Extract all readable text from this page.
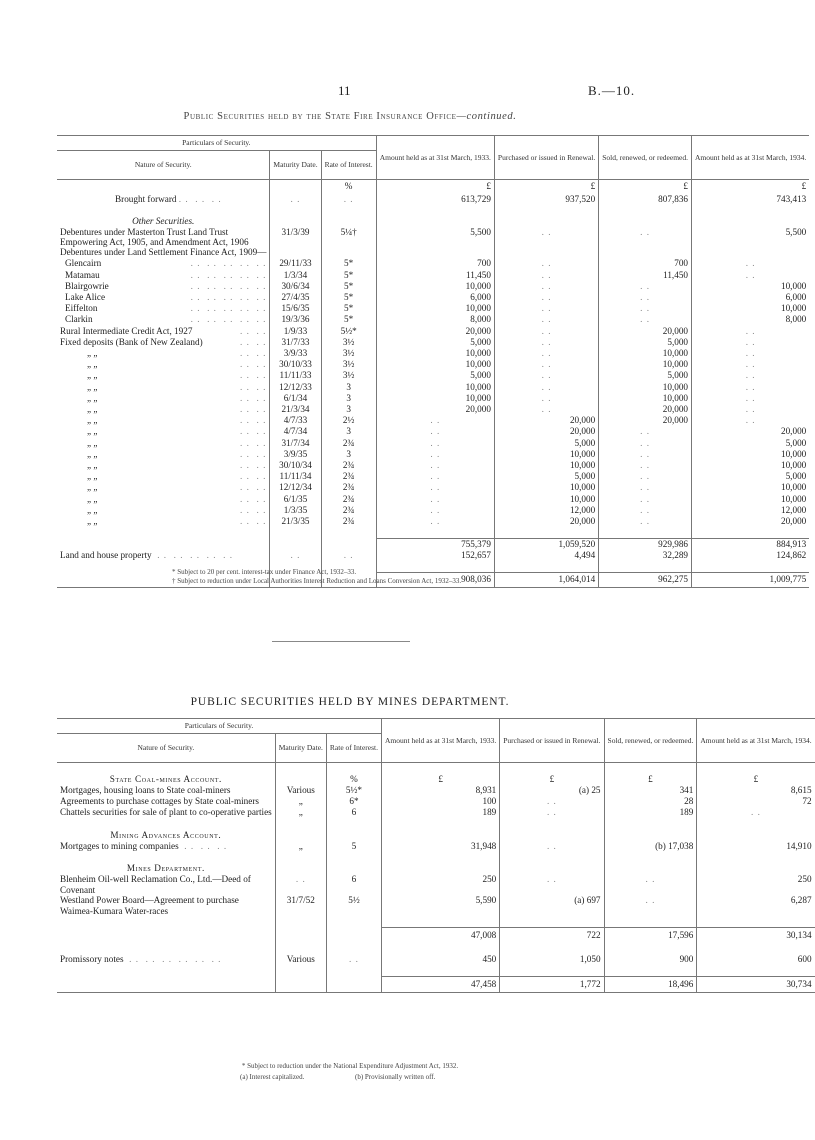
11	B.—10.
Public Securities held by the State Fire Insurance Office—continued.
Particulars of Security.			Amount held as at 31st March, 1933.	Purchased or issued in Renewal.	Sold, renewed, or redeemed.	Amount held as at 31st March, 1934.
Nature of Security.	Maturity Date.	Rate of Interest.				
		%	£	£	£	£
Brought forward . .  . .  . .	. .	. .	613,729	937,520	807,836	743,413

Other Securities.						
Debentures under Masterton Trust Land Trust Empowering Act, 1905, and Amendment Act, 1906	31/3/39	5¼†	5,500	. .	. .	5,500
Debentures under Land Settlement Finance Act, 1909—						
Glencairn . .  . .  . .  . .  . .	29/11/33	5*	700	. .	700	. .
Matamau . .  . .  . .  . .  . .	1/3/34	5*	11,450	. .	11,450	. .
Blairgowrie . .  . .  . .  . .  . .	30/6/34	5*	10,000	. .	. .	10,000
Lake Alice . .  . .  . .  . .  . .	27/4/35	5*	6,000	. .	. .	6,000
Eiffelton . .  . .  . .  . .  . .	15/6/35	5*	10,000	. .	. .	10,000
Clarkin . .  . .  . .  . .  . .	19/3/36	5*	8,000	. .	. .	8,000
Rural Intermediate Credit Act, 1927 . .  . .	1/9/33	5½*	20,000	. .	20,000	. .
Fixed deposits (Bank of New Zealand) . .  . .	31/7/33	3½	5,000	. .	5,000	. .
„ „ . .  . .	3/9/33	3½	10,000	. .	10,000	. .
„ „ . .  . .	30/10/33	3½	10,000	. .	10,000	. .
„ „ . .  . .	11/11/33	3½	5,000	. .	5,000	. .
„ „ . .  . .	12/12/33	3	10,000	. .	10,000	. .
„ „ . .  . .	6/1/34	3	10,000	. .	10,000	. .
„ „ . .  . .	21/3/34	3	20,000	. .	20,000	. .
„ „ . .  . .	4/7/33	2½	. .	20,000	20,000	. .
„ „ . .  . .	4/7/34	3	. .	20,000	. .	20,000
„ „ . .  . .	31/7/34	2¾	. .	5,000	. .	5,000
„ „ . .  . .	3/9/35	3	. .	10,000	. .	10,000
„ „ . .  . .	30/10/34	2¾	. .	10,000	. .	10,000
„ „ . .  . .	11/11/34	2¾	. .	5,000	. .	5,000
„ „ . .  . .	12/12/34	2¾	. .	10,000	. .	10,000
„ „ . .  . .	6/1/35	2¾	. .	10,000	. .	10,000
„ „ . .  . .	1/3/35	2¾	. .	12,000	. .	12,000
„ „ . .  . .	21/3/35	2¾	. .	20,000	. .	20,000

			755,379	1,059,520	929,986	884,913
Land and house property  . .  . .  . .  . .  . .	. .	. .	152,657	4,494	32,289	124,862

			908,036	1,064,014	962,275	1,009,775
* Subject to 20 per cent. interest-tax under Finance Act, 1932–33.
† Subject to reduction under Local Authorities Interest Reduction and Loans Conversion Act, 1932–33.
PUBLIC SECURITIES HELD BY MINES DEPARTMENT.
Particulars of Security.			Amount held as at 31st March, 1933.	Purchased or issued in Renewal.	Sold, renewed, or redeemed.	Amount held as at 31st March, 1934.
Nature of Security.	Maturity Date.	Rate of Interest.				

State Coal-mines Account.		%	£	£	£	£
Mortgages, housing loans to State coal-miners	Various	5½*	8,931	(a) 25	341	8,615
Agreements to purchase cottages by State coal-miners	„	6*	100	. .	28	72
Chattels securities for sale of plant to co-operative parties	„	6	189	. .	189	. .

Mining Advances Account.						
Mortgages to mining companies  . .  . .  . .	„	5	31,948	. .	(b) 17,038	14,910

Mines Department.						
Blenheim Oil-well Reclamation Co., Ltd.—Deed of Covenant	. .	6	250	. .	. .	250
Westland Power Board—Agreement to purchase Waimea-Kumara Water-races	31/7/52	5½	5,590	(a) 697	. .	6,287

			47,008	722	17,596	30,134

Promissory notes  . .  . .  . .  . .  . .  . .	Various	. .	450	1,050	900	600

			47,458	1,772	18,496	30,734
* Subject to reduction under the National Expenditure Adjustment Act, 1932.
(a) Interest capitalized.	(b) Provisionally written off.
